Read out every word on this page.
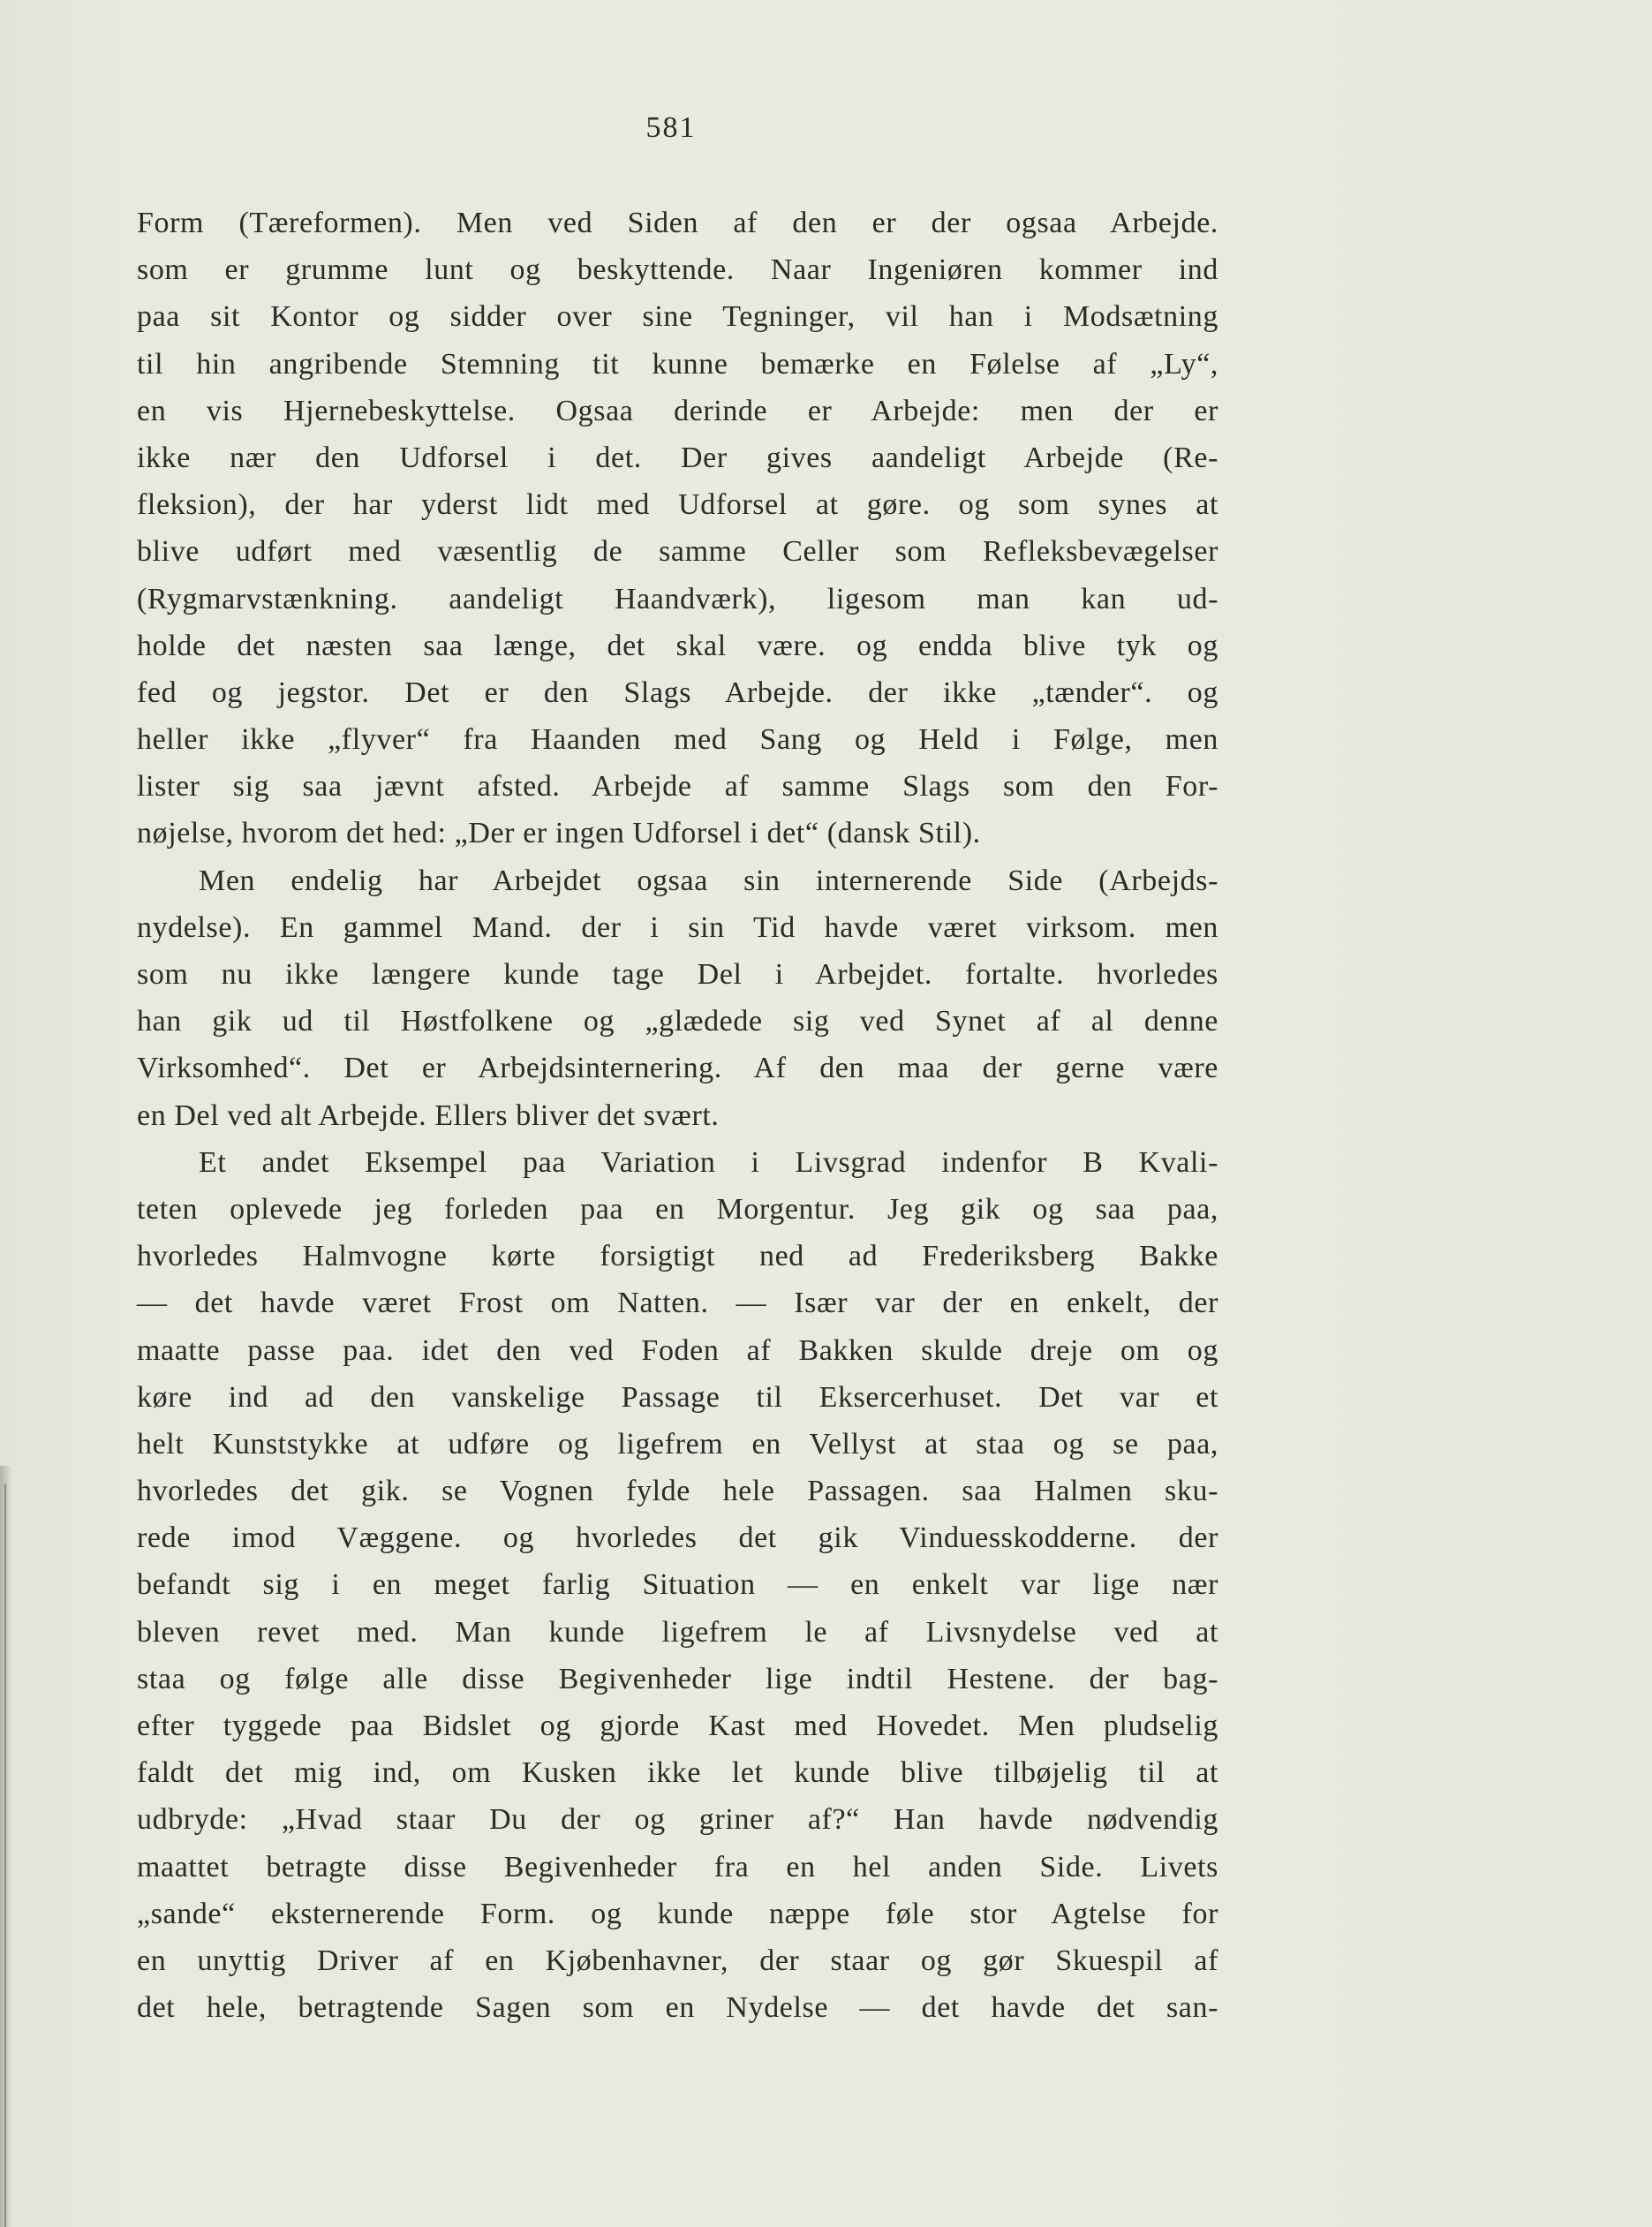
581
Form (Tæreformen). Men ved Siden af den er der ogsaa Arbejde.
som er grumme lunt og beskyttende. Naar Ingeniøren kommer ind
paa sit Kontor og sidder over sine Tegninger, vil han i Modsætning
til hin angribende Stemning tit kunne bemærke en Følelse af „Ly“,
en vis Hjernebeskyttelse. Ogsaa derinde er Arbejde: men der er
ikke nær den Udforsel i det. Der gives aandeligt Arbejde (Re-
fleksion), der har yderst lidt med Udforsel at gøre. og som synes at
blive udført med væsentlig de samme Celler som Refleksbevægelser
(Rygmarvstænkning. aandeligt Haandværk), ligesom man kan ud-
holde det næsten saa længe, det skal være. og endda blive tyk og
fed og jegstor. Det er den Slags Arbejde. der ikke „tænder“. og
heller ikke „flyver“ fra Haanden med Sang og Held i Følge, men
lister sig saa jævnt afsted. Arbejde af samme Slags som den For-
nøjelse, hvorom det hed: „Der er ingen Udforsel i det“ (dansk Stil).
Men endelig har Arbejdet ogsaa sin internerende Side (Arbejds-
nydelse). En gammel Mand. der i sin Tid havde været virksom. men
som nu ikke længere kunde tage Del i Arbejdet. fortalte. hvorledes
han gik ud til Høstfolkene og „glædede sig ved Synet af al denne
Virksomhed“. Det er Arbejdsinternering. Af den maa der gerne være
en Del ved alt Arbejde. Ellers bliver det svært.
Et andet Eksempel paa Variation i Livsgrad indenfor B Kvali-
teten oplevede jeg forleden paa en Morgentur. Jeg gik og saa paa,
hvorledes Halmvogne kørte forsigtigt ned ad Frederiksberg Bakke
— det havde været Frost om Natten. — Især var der en enkelt, der
maatte passe paa. idet den ved Foden af Bakken skulde dreje om og
køre ind ad den vanskelige Passage til Eksercerhuset. Det var et
helt Kunststykke at udføre og ligefrem en Vellyst at staa og se paa,
hvorledes det gik. se Vognen fylde hele Passagen. saa Halmen sku-
rede imod Væggene. og hvorledes det gik Vinduesskodderne. der
befandt sig i en meget farlig Situation — en enkelt var lige nær
bleven revet med. Man kunde ligefrem le af Livsnydelse ved at
staa og følge alle disse Begivenheder lige indtil Hestene. der bag-
efter tyggede paa Bidslet og gjorde Kast med Hovedet. Men pludselig
faldt det mig ind, om Kusken ikke let kunde blive tilbøjelig til at
udbryde: „Hvad staar Du der og griner af?“ Han havde nødvendig
maattet betragte disse Begivenheder fra en hel anden Side. Livets
„sande“ eksternerende Form. og kunde næppe føle stor Agtelse for
en unyttig Driver af en Kjøbenhavner, der staar og gør Skuespil af
det hele, betragtende Sagen som en Nydelse — det havde det san-
